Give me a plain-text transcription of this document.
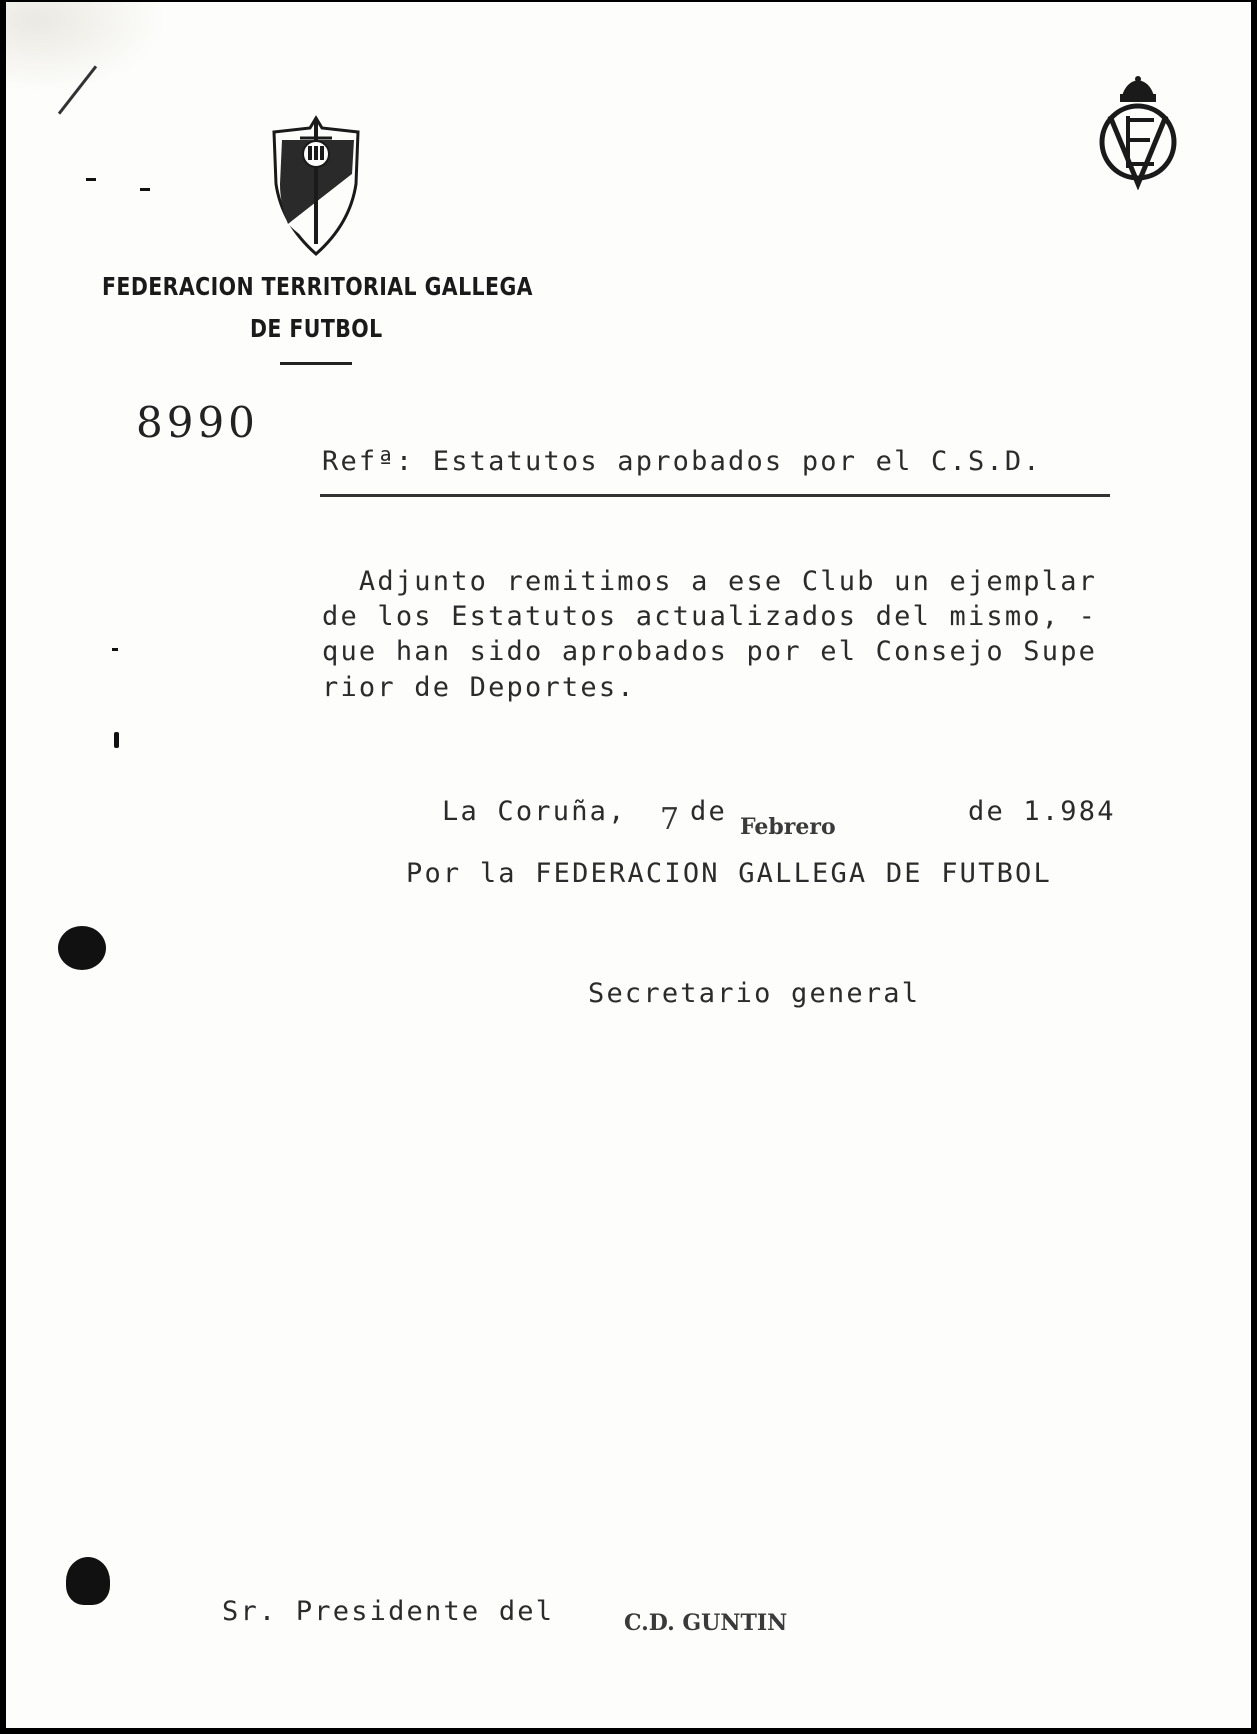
FEDERACION TERRITORIAL GALLEGA
DE FUTBOL
8990
Refª: Estatutos aprobados por el C.S.D.
Adjunto remitimos a ese Club un ejemplar
de los Estatutos actualizados del mismo, -
que han sido aprobados por el Consejo Supe
rior de Deportes.
La Coruña, 7 de Febrero	de 1.984
Por la FEDERACION GALLEGA DE FUTBOL
Secretario general
Sr. Presidente del	C.D. GUNTIN
